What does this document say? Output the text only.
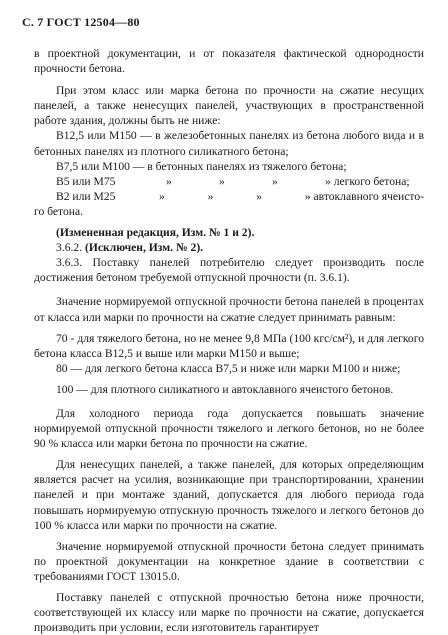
С. 7 ГОСТ 12504—80

в проектной документации, и от показателя фактической однородности прочности бетона.

При этом класс или марка бетона по прочности на сжатие несущих панелей, а также ненесущих панелей, участвующих в пространственной работе здания, должны быть не ниже:

В12,5 или М150 — в железобетонных панелях из бетона любого вида и в бетонных панелях из плотного силикатного бетона;

В7,5 или М100 — в бетонных панелях из тяжелого бетона;

В5 или М75	»	»	»	» легкого бетона;
В2 или М25	»	»	»	» автоклавного ячеисто-

го бетона.

(Измененная редакция, Изм. № 1 и 2).

3.6.2. (Исключен, Изм. № 2).

3.6.3. Поставку панелей потребителю следует производить после достижения бетоном требуемой отпускной прочности (п. 3.6.1).

Значение нормируемой отпускной прочности бетона панелей в процентах от класса или марки по прочности на сжатие следует принимать равным:

70 - для тяжелого бетона, но не менее 9,8 МПа (100 кгс/см²), и для легкого бетона класса В12,5 и выше или марки М150 и выше;

80 — для легкого бетона класса В7,5 и ниже или марки М100 и ниже;

100 — для плотного силикатного и автоклавного ячеистого бетонов.

Для холодного периода года допускается повышать значение нормируемой отпускной прочности тяжелого и легкого бетонов, но не более 90 % класса или марки бетона по прочности на сжатие.

Для ненесущих панелей, а также панелей, для которых определяющим является расчет на усилия, возникающие при транспортировании, хранении панелей и при монтаже зданий, допускается для любого периода года повышать нормируемую отпускную прочность тяжелого и легкого бетонов до 100 % класса или марки по прочности на сжатие.

Значение нормируемой отпускной прочности бетона следует принимать по проектной документации на конкретное здание в соответствии с требованиями ГОСТ 13015.0.

Поставку панелей с отпускной прочностью бетона ниже прочности, соответствующей их классу или марке по прочности на сжатие, допускается производить при условии, если изготовитель гарантирует
